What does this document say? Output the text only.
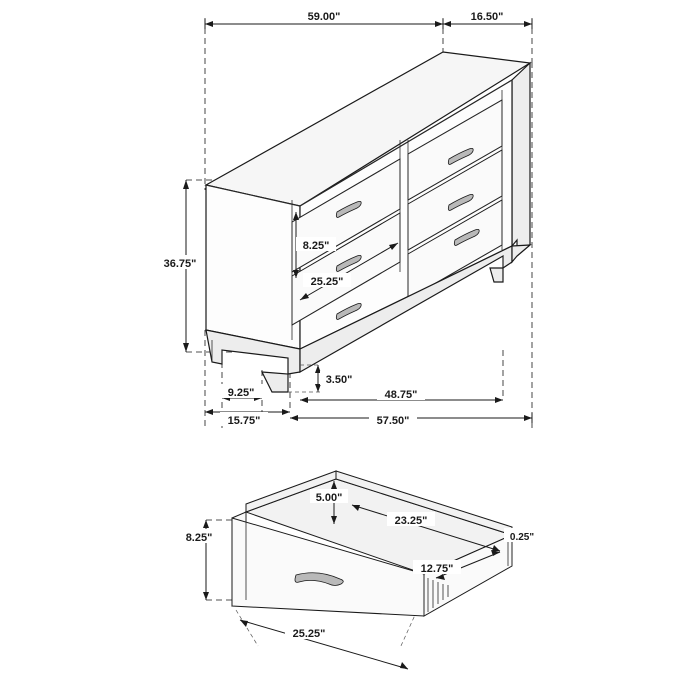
59.00"	16.50"
36.75"
8.25"
25.25"
3.50"
9.25"
15.75"
48.75"
57.50"
5.00"
23.25"
0.25"
12.75"
8.25"
25.25"
